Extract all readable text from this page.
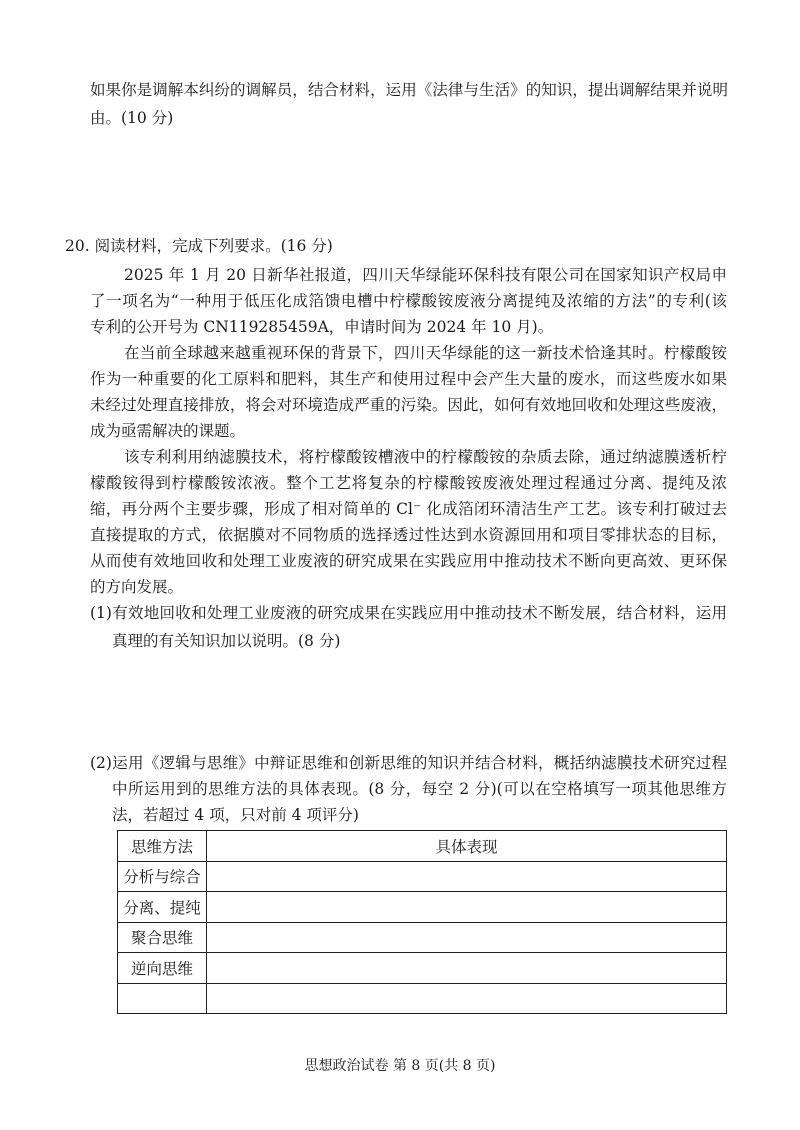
如果你是调解本纠纷的调解员，结合材料，运用《法律与生活》的知识，提出调解结果并说明
由。(10 分)
20. 阅读材料，完成下列要求。(16 分)
2025 年 1 月 20 日新华社报道，四川天华绿能环保科技有限公司在国家知识产权局申
了一项名为“一种用于低压化成箔馈电槽中柠檬酸铵废液分离提纯及浓缩的方法”的专利(该
专利的公开号为 CN119285459A，申请时间为 2024 年 10 月)。
在当前全球越来越重视环保的背景下，四川天华绿能的这一新技术恰逢其时。柠檬酸铵
作为一种重要的化工原料和肥料，其生产和使用过程中会产生大量的废水，而这些废水如果
未经过处理直接排放，将会对环境造成严重的污染。因此，如何有效地回收和处理这些废液，
成为亟需解决的课题。
该专利利用纳滤膜技术，将柠檬酸铵槽液中的柠檬酸铵的杂质去除，通过纳滤膜透析柠
檬酸铵得到柠檬酸铵浓液。整个工艺将复杂的柠檬酸铵废液处理过程通过分离、提纯及浓
缩，再分两个主要步骤，形成了相对简单的 Cl⁻ 化成箔闭环清洁生产工艺。该专利打破过去
直接提取的方式，依据膜对不同物质的选择透过性达到水资源回用和项目零排状态的目标，
从而使有效地回收和处理工业废液的研究成果在实践应用中推动技术不断向更高效、更环保
的方向发展。
(1)有效地回收和处理工业废液的研究成果在实践应用中推动技术不断发展，结合材料，运用
真理的有关知识加以说明。(8 分)
(2)运用《逻辑与思维》中辩证思维和创新思维的知识并结合材料，概括纳滤膜技术研究过程
中所运用到的思维方法的具体表现。(8 分，每空 2 分)(可以在空格填写一项其他思维方
法，若超过 4 项，只对前 4 项评分)
思维方法	具体表现
分析与综合	
分离、提纯	
聚合思维	
逆向思维	

思想政治试卷 第 8 页(共 8 页)
